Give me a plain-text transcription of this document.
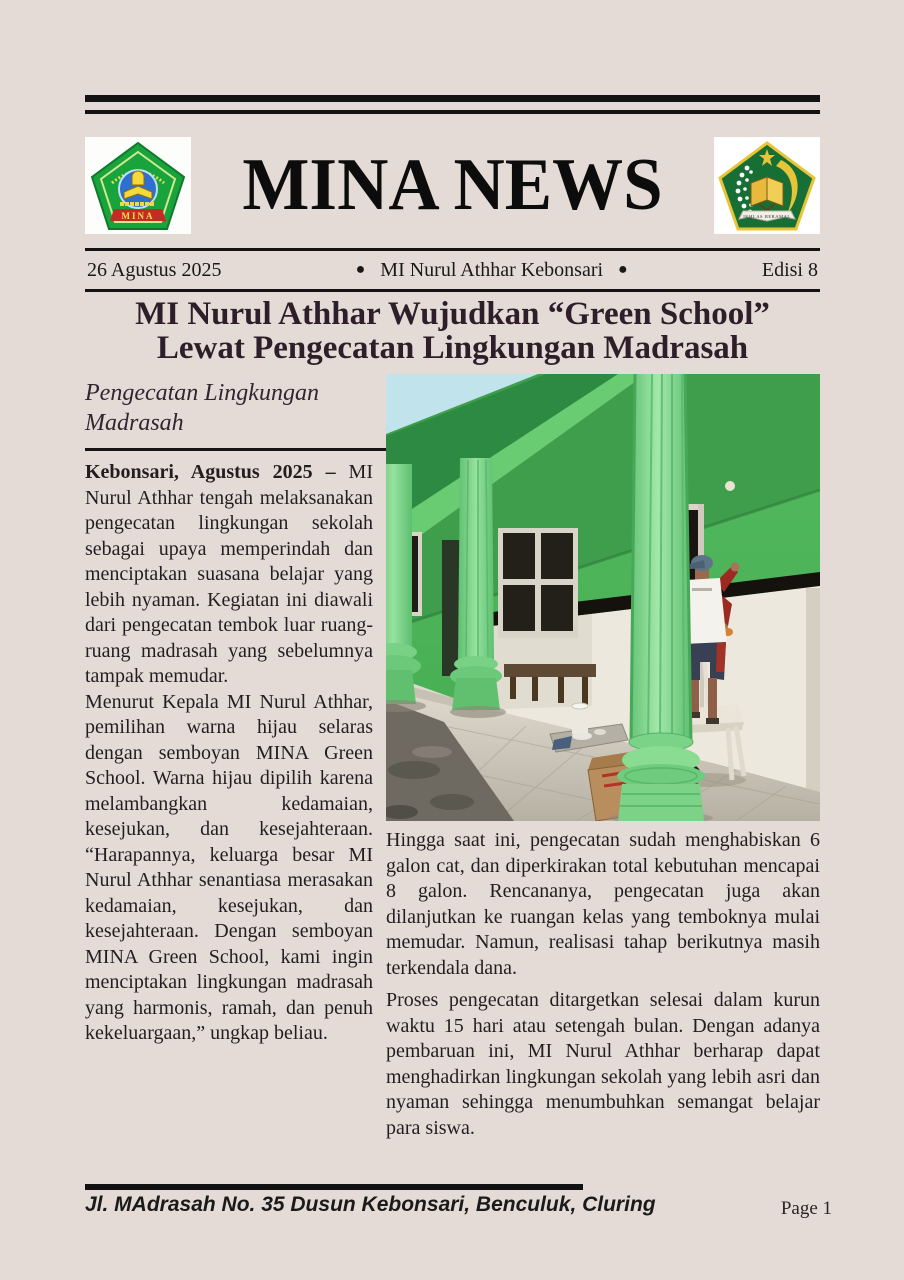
MINA MINA NEWS	IKHLAS BERAMAL
26 Agustus 2025	● MI Nurul Athhar Kebonsari ●	Edisi 8
MI Nurul Athhar Wujudkan “Green School”
Lewat Pengecatan Lingkungan Madrasah
Pengecatan Lingkungan Madrasah

Kebonsari, Agustus 2025 – MI Nurul Athhar tengah melaksanakan pengecatan lingkungan sekolah sebagai upaya memperindah dan menciptakan suasana belajar yang lebih nyaman. Kegiatan ini diawali dari pengecatan tembok luar ruang-ruang madrasah yang sebelumnya tampak memudar.

Menurut Kepala MI Nurul Athhar, pemilihan warna hijau selaras dengan semboyan MINA Green School. Warna hijau dipilih karena melambangkan kedamaian, kesejukan, dan kesejahteraan. “Harapannya, keluarga besar MI Nurul Athhar senantiasa merasakan kedamaian, kesejukan, dan kesejahteraan. Dengan semboyan MINA Green School, kami ingin menciptakan lingkungan madrasah yang harmonis, ramah, dan penuh kekeluargaan,” ungkap beliau.

Hingga saat ini, pengecatan sudah menghabiskan 6 galon cat, dan diperkirakan total kebutuhan mencapai 8 galon. Rencananya, pengecatan juga akan dilanjutkan ke ruangan kelas yang temboknya mulai memudar. Namun, realisasi tahap berikutnya masih terkendala dana.

Proses pengecatan ditargetkan selesai dalam kurun waktu 15 hari atau setengah bulan. Dengan adanya pembaruan ini, MI Nurul Athhar berharap dapat menghadirkan lingkungan sekolah yang lebih asri dan nyaman sehingga menumbuhkan semangat belajar para siswa.

Jl. MAdrasah No. 35 Dusun Kebonsari, Benculuk, Cluring	Page 1
